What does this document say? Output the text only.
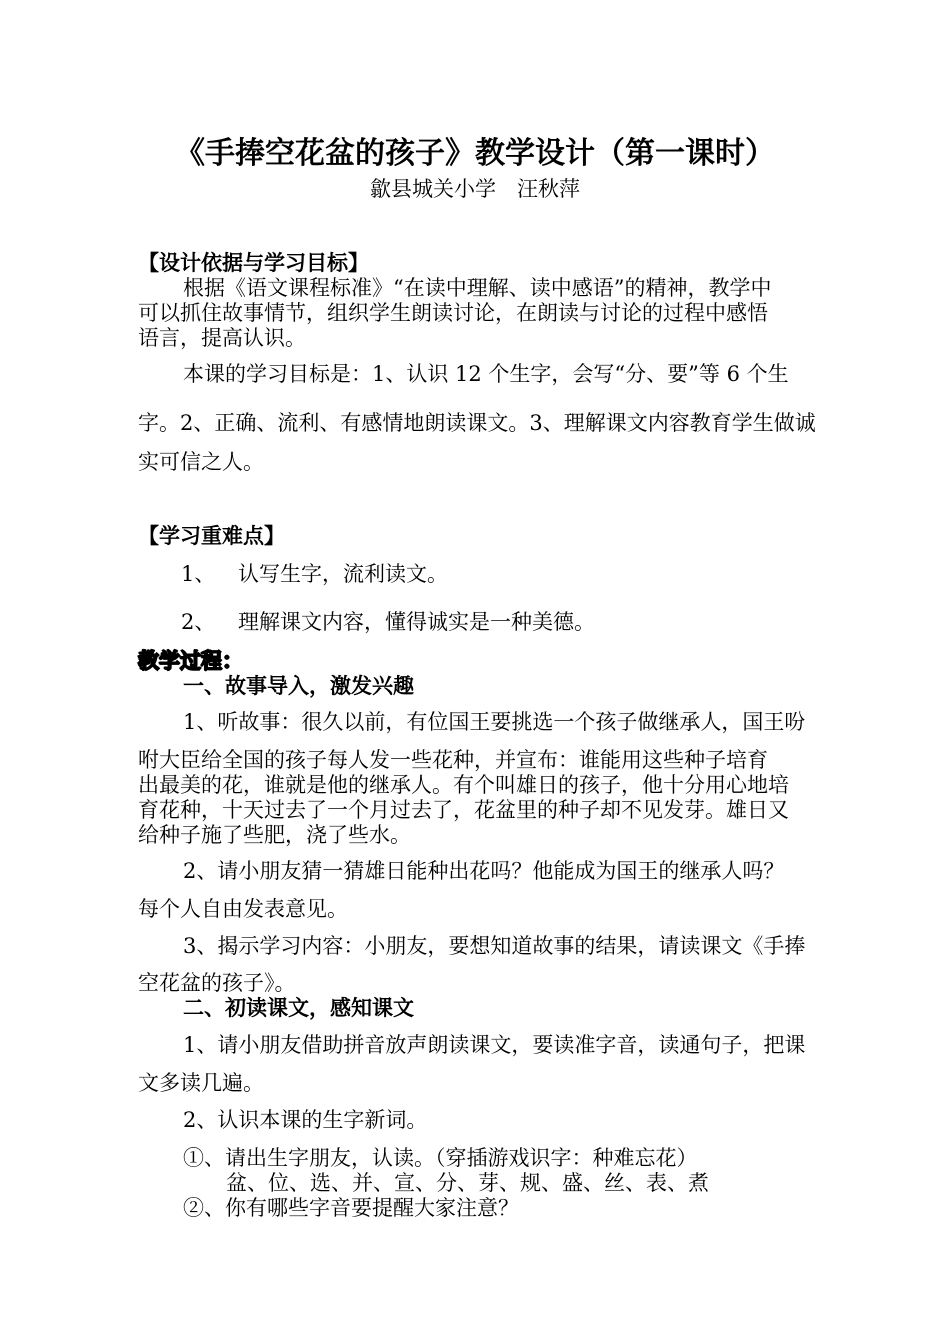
《手捧空花盆的孩子》教学设计（第一课时）
歙县城关小学　汪秋萍
【设计依据与学习目标】
根据《语文课程标准》“在读中理解、读中感语”的精神，教学中
可以抓住故事情节，组织学生朗读讨论，在朗读与讨论的过程中感悟
语言，提高认识。
本课的学习目标是：1、认识 12 个生字，会写“分、要”等 6 个生
字。2、正确、流利、有感情地朗读课文。3、理解课文内容教育学生做诚
实可信之人。
【学习重难点】
1、 认写生字，流利读文。
2、 理解课文内容，懂得诚实是一种美德。
教学过程：
一、故事导入，激发兴趣
1、听故事：很久以前，有位国王要挑选一个孩子做继承人，国王吩
咐大臣给全国的孩子每人发一些花种，并宣布：谁能用这些种子培育
出最美的花，谁就是他的继承人。有个叫雄日的孩子，他十分用心地培
育花种，十天过去了一个月过去了，花盆里的种子却不见发芽。雄日又
给种子施了些肥，浇了些水。
2、请小朋友猜一猜雄日能种出花吗？他能成为国王的继承人吗？
每个人自由发表意见。
3、揭示学习内容：小朋友，要想知道故事的结果，请读课文《手捧
空花盆的孩子》。
二、初读课文，感知课文
1、请小朋友借助拼音放声朗读课文，要读准字音，读通句子，把课
文多读几遍。
2、认识本课的生字新词。
①、请出生字朋友，认读。（穿插游戏识字：种难忘花）
盆、位、选、并、宣、分、芽、规、盛、丝、表、煮
②、你有哪些字音要提醒大家注意？
